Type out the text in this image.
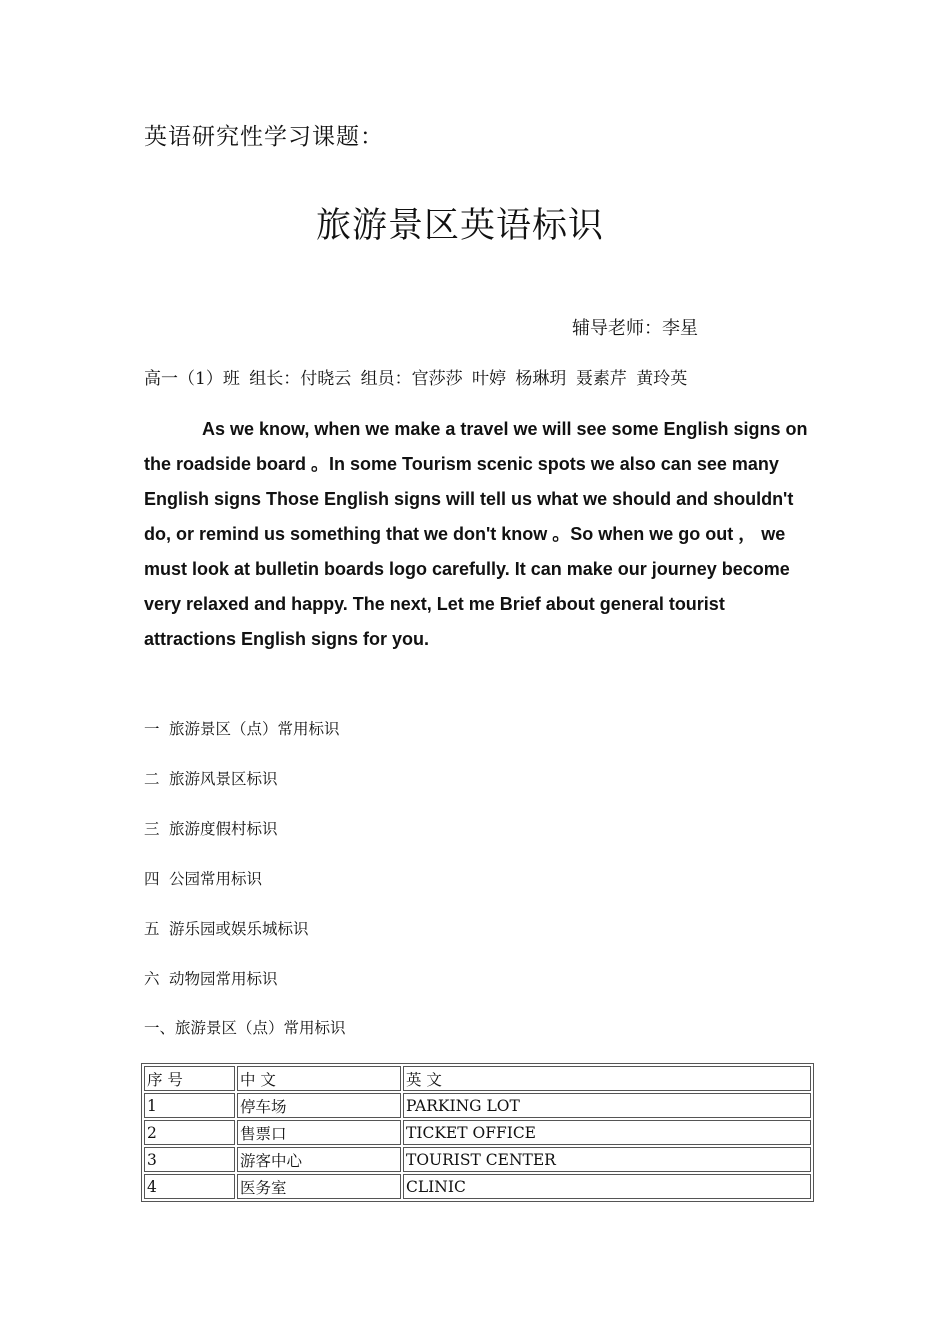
英语研究性学习课题：
旅游景区英语标识
辅导老师：李星
高一（1）班 组长：付晓云 组员：官莎莎 叶婷 杨琳玥 聂素芹 黄玲英

As we know, when we make a travel we will see some English signs on the roadside board 。In some Tourism scenic spots we also can see many English signs Those English signs will tell us what we should and shouldn't do, or remind us something that we don't know 。So when we go out ， we must look at bulletin boards logo carefully. It can make our journey become very relaxed and happy. The next, Let me Brief about general tourist attractions English signs for you.

一 旅游景区（点）常用标识
二 旅游风景区标识
三 旅游度假村标识
四 公园常用标识
五 游乐园或娱乐城标识
六 动物园常用标识
一、旅游景区（点）常用标识
序 号	中 文	英 文
1	停车场	PARKING LOT
2	售票口	TICKET OFFICE
3	游客中心	TOURIST CENTER
4	医务室	CLINIC
